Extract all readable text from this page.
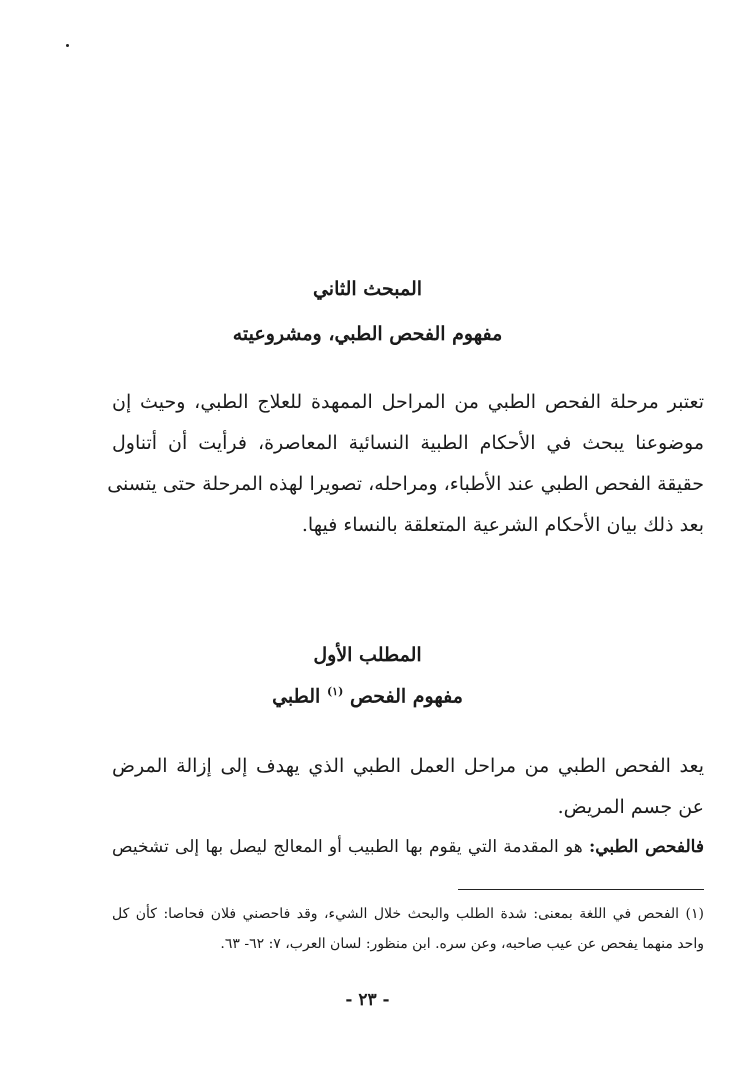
المبحث الثاني
مفهوم الفحص الطبي، ومشروعيته
تعتبر مرحلة الفحص الطبي من المراحل الممهدة للعلاج الطبي، وحيث إن
موضوعنا يبحث في الأحكام الطبية النسائية المعاصرة، فرأيت أن أتناول
حقيقة الفحص الطبي عند الأطباء، ومراحله، تصويرا لهذه المرحلة حتى يتسنى
بعد ذلك بيان الأحكام الشرعية المتعلقة بالنساء فيها.
المطلب الأول
مفهوم الفحص $^{(١)}$ الطبي
يعد الفحص الطبي من مراحل العمل الطبي الذي يهدف إلى إزالة المرض
عن جسم المريض.
فالفحص الطبي: هو المقدمة التي يقوم بها الطبيب أو المعالج ليصل بها إلى تشخيص
(١) الفحص في اللغة بمعنى: شدة الطلب والبحث خلال الشيء، وقد فاحصني فلان فحاصا: كأن كل
واحد منهما يفحص عن عيب صاحبه، وعن سره. ابن منظور: لسان العرب، ٧: ٦٢- ٦٣.
- ٢٣ -
